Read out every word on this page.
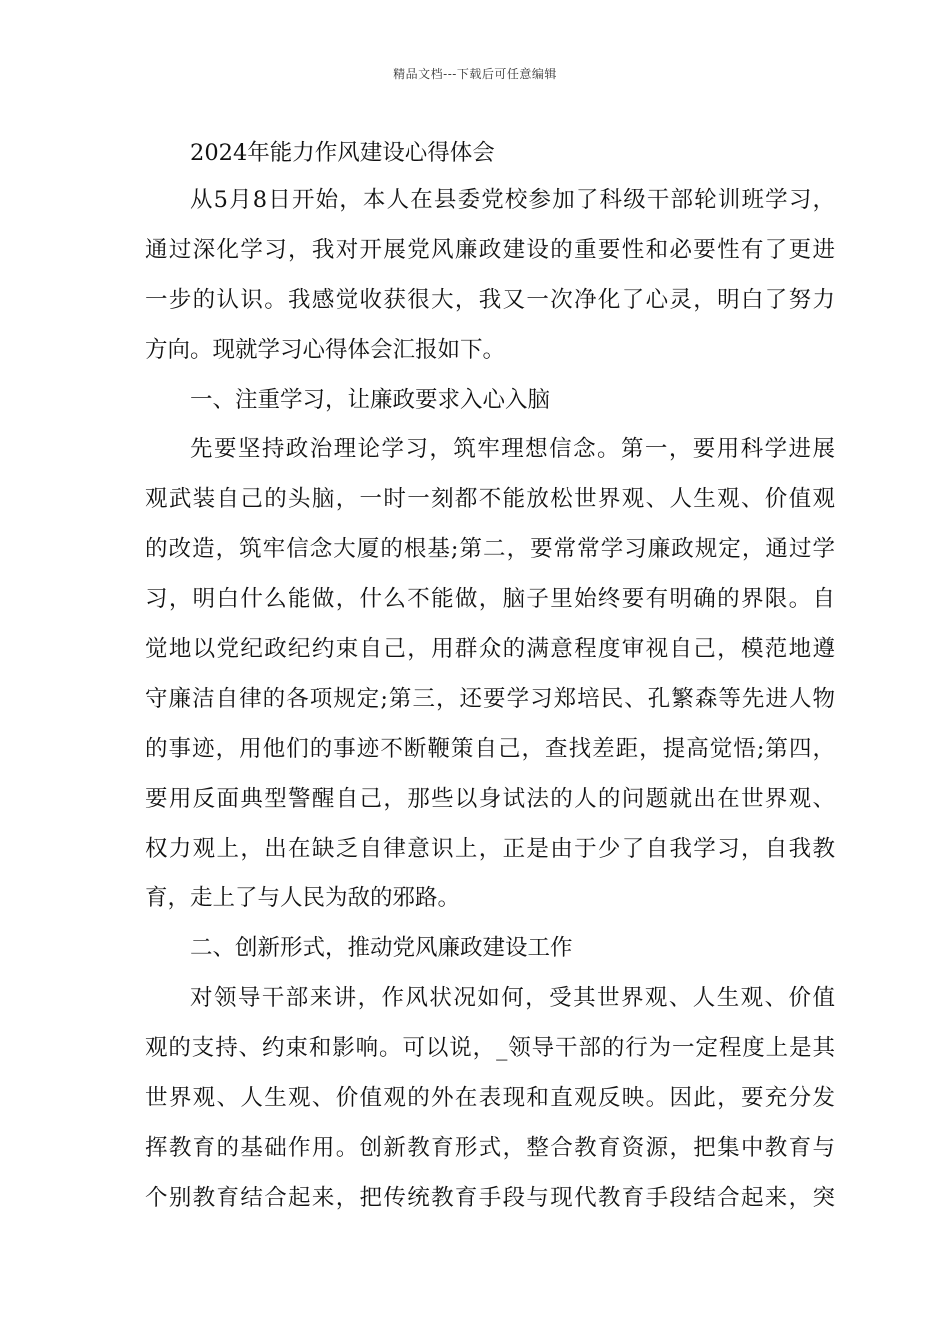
精品文档---下载后可任意编辑
2024年能力作风建设心得体会
从5月8日开始，本人在县委党校参加了科级干部轮训班学习，
通过深化学习，我对开展党风廉政建设的重要性和必要性有了更进
一步的认识。我感觉收获很大，我又一次净化了心灵，明白了努力
方向。现就学习心得体会汇报如下。
一、注重学习，让廉政要求入心入脑
先要坚持政治理论学习，筑牢理想信念。第一，要用科学进展
观武装自己的头脑，一时一刻都不能放松世界观、人生观、价值观
的改造，筑牢信念大厦的根基;第二，要常常学习廉政规定，通过学
习，明白什么能做，什么不能做，脑子里始终要有明确的界限。自
觉地以党纪政纪约束自己，用群众的满意程度审视自己，模范地遵
守廉洁自律的各项规定;第三，还要学习郑培民、孔繁森等先进人物
的事迹，用他们的事迹不断鞭策自己，查找差距，提高觉悟;第四，
要用反面典型警醒自己，那些以身试法的人的问题就出在世界观、
权力观上，出在缺乏自律意识上，正是由于少了自我学习，自我教
育，走上了与人民为敌的邪路。
二、创新形式，推动党风廉政建设工作
对领导干部来讲，作风状况如何，受其世界观、人生观、价值
观的支持、约束和影响。可以说，_领导干部的行为一定程度上是其
世界观、人生观、价值观的外在表现和直观反映。因此，要充分发
挥教育的基础作用。创新教育形式，整合教育资源，把集中教育与
个别教育结合起来，把传统教育手段与现代教育手段结合起来，突
